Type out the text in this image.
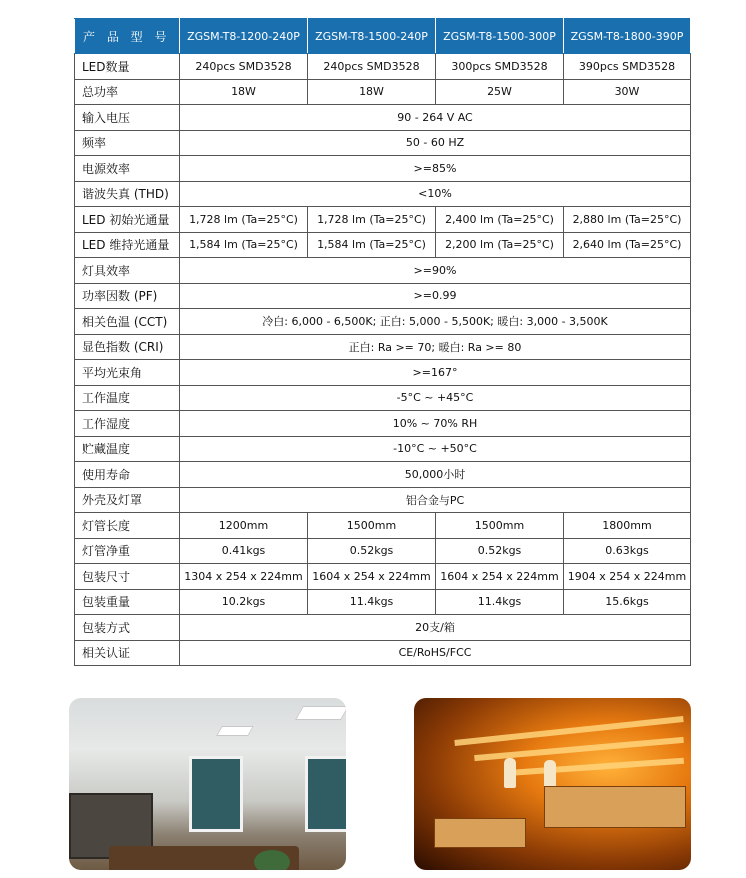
产 品 型 号	ZGSM-T8-1200-240P	ZGSM-T8-1500-240P	ZGSM-T8-1500-300P	ZGSM-T8-1800-390P
LED数量	240pcs SMD3528	240pcs SMD3528	300pcs SMD3528	390pcs SMD3528
总功率	18W	18W	25W	30W
输入电压	90 - 264 V AC			
频率	50 - 60 HZ			
电源效率	>=85%			
谐波失真 (THD)	<10%			
LED 初始光通量	1,728 lm (Ta=25°C)	1,728 lm (Ta=25°C)	2,400 lm (Ta=25°C)	2,880 lm (Ta=25°C)
LED 维持光通量	1,584 lm (Ta=25°C)	1,584 lm (Ta=25°C)	2,200 lm (Ta=25°C)	2,640 lm (Ta=25°C)
灯具效率	>=90%			
功率因数 (PF)	>=0.99			
相关色温 (CCT)	冷白: 6,000 - 6,500K; 正白: 5,000 - 5,500K; 暖白: 3,000 - 3,500K			
显色指数 (CRI)	正白: Ra >= 70; 暖白: Ra >= 80			
平均光束角	>=167°			
工作温度	-5°C ~ +45°C			
工作湿度	10% ~ 70% RH			
贮藏温度	-10°C ~ +50°C			
使用寿命	50,000小时			
外壳及灯罩	铝合金与PC			
灯管长度	1200mm	1500mm	1500mm	1800mm
灯管净重	0.41kgs	0.52kgs	0.52kgs	0.63kgs
包装尺寸	1304 x 254 x 224mm	1604 x 254 x 224mm	1604 x 254 x 224mm	1904 x 254 x 224mm
包装重量	10.2kgs	11.4kgs	11.4kgs	15.6kgs
包装方式	20支/箱			
相关认证	CE/RoHS/FCC			
